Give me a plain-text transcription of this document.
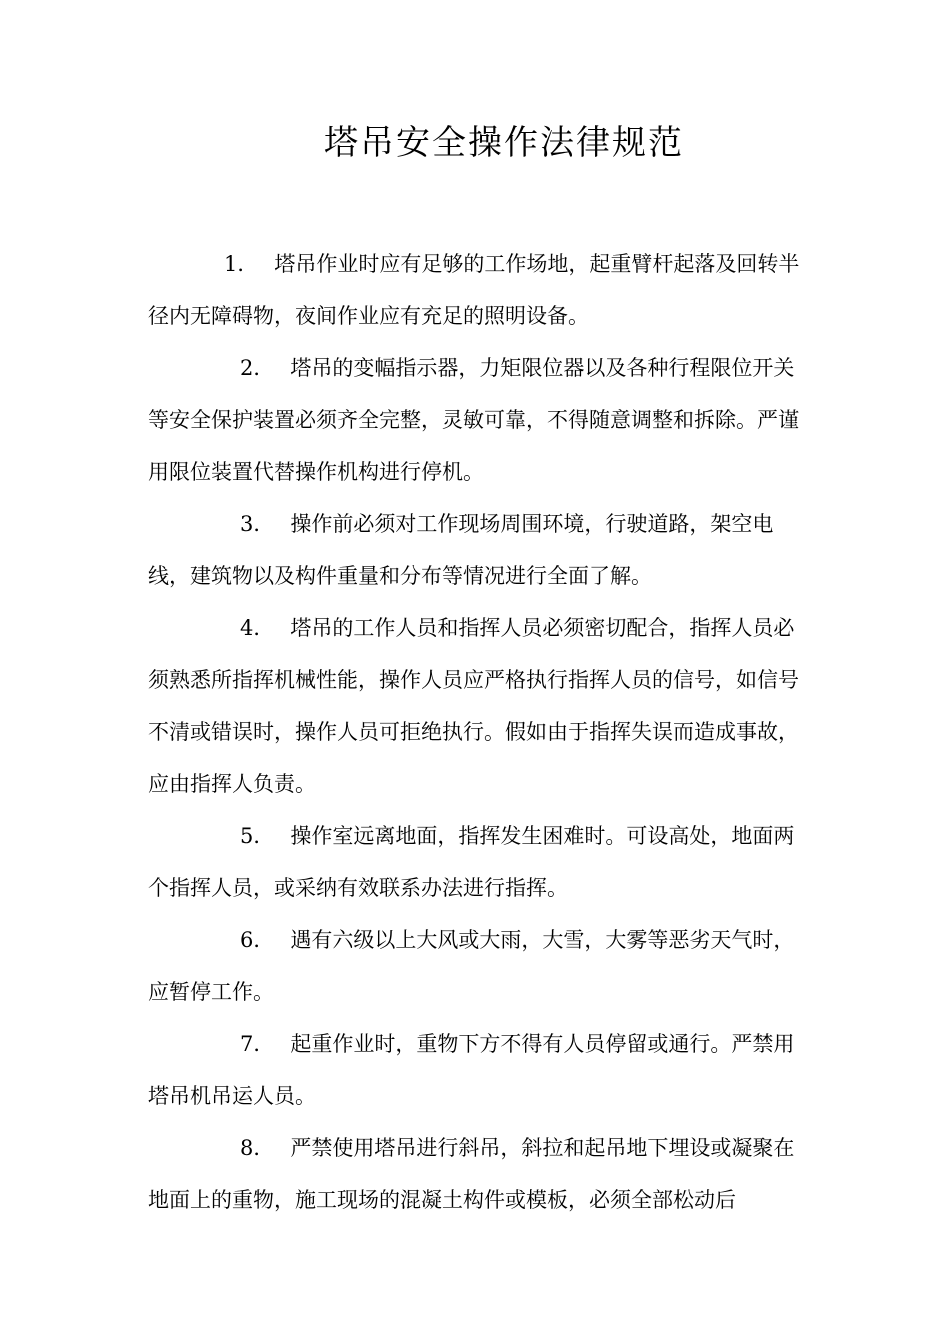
塔吊安全操作法律规范

1． 塔吊作业时应有足够的工作场地，起重臂杆起落及回转半径内无障碍物，夜间作业应有充足的照明设备。

2． 塔吊的变幅指示器，力矩限位器以及各种行程限位开关等安全保护装置必须齐全完整，灵敏可靠，不得随意调整和拆除。严谨用限位装置代替操作机构进行停机。

3． 操作前必须对工作现场周围环境，行驶道路，架空电线，建筑物以及构件重量和分布等情况进行全面了解。

4． 塔吊的工作人员和指挥人员必须密切配合，指挥人员必须熟悉所指挥机械性能，操作人员应严格执行指挥人员的信号，如信号不清或错误时，操作人员可拒绝执行。假如由于指挥失误而造成事故，应由指挥人负责。

5． 操作室远离地面，指挥发生困难时。可设高处，地面两个指挥人员，或采纳有效联系办法进行指挥。

6． 遇有六级以上大风或大雨，大雪，大雾等恶劣天气时，应暂停工作。

7． 起重作业时，重物下方不得有人员停留或通行。严禁用塔吊机吊运人员。

8． 严禁使用塔吊进行斜吊，斜拉和起吊地下埋设或凝聚在地面上的重物，施工现场的混凝土构件或模板，必须全部松动后
